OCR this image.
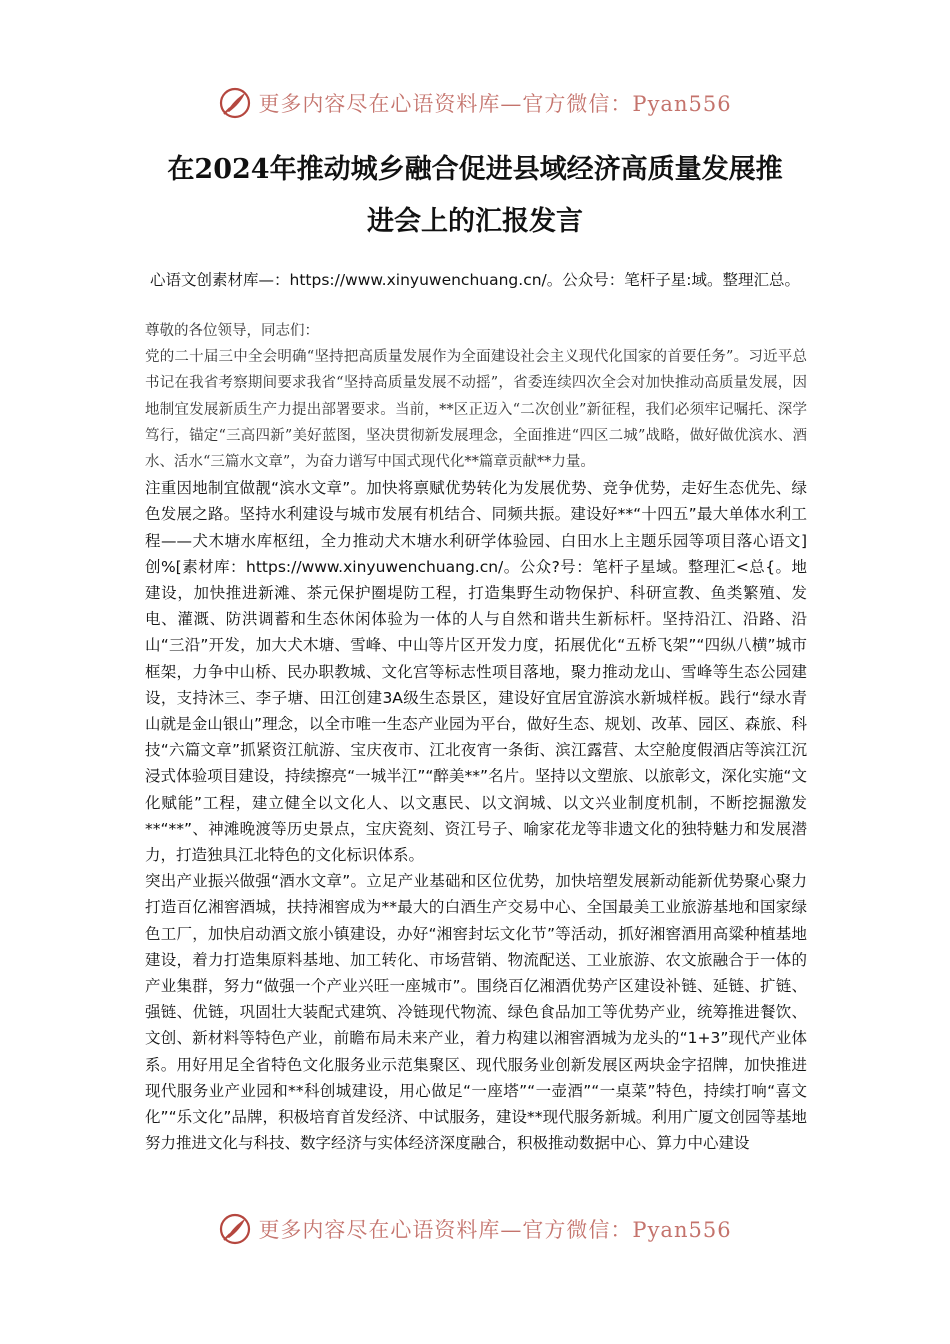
更多内容尽在心语资料库—官方微信：Pyan556
在2024年推动城乡融合促进县域经济高质量发展推
进会上的汇报发言

心语文创素材库—：https://www.xinyuwenchuang.cn/。公众号：笔杆子星:域。整理汇总。

尊敬的各位领导，同志们：

党的二十届三中全会明确“坚持把高质量发展作为全面建设社会主义现代化国家的首要任务”。习近平总书记在我省考察期间要求我省“坚持高质量发展不动摇”，省委连续四次全会对加快推动高质量发展，因地制宜发展新质生产力提出部署要求。当前，**区正迈入“二次创业”新征程，我们必须牢记嘱托、深学笃行，锚定“三高四新”美好蓝图，坚决贯彻新发展理念，全面推进“四区二城”战略，做好做优滨水、酒水、活水“三篇水文章”，为奋力谱写中国式现代化**篇章贡献**力量。

注重因地制宜做靓“滨水文章”。加快将禀赋优势转化为发展优势、竞争优势，走好生态优先、绿色发展之路。坚持水利建设与城市发展有机结合、同频共振。建设好**“十四五”最大单体水利工程——犬木塘水库枢纽，全力推动犬木塘水利研学体验园、白田水上主题乐园等项目落心语文]创%[素材库：https://www.xinyuwenchuang.cn/。公众?号：笔杆子星域。整理汇<总{。地建设，加快推进新滩、茶元保护圈堤防工程，打造集野生动物保护、科研宣教、鱼类繁殖、发电、灌溉、防洪调蓄和生态休闲体验为一体的人与自然和谐共生新标杆。坚持沿江、沿路、沿山“三沿”开发，加大犬木塘、雪峰、中山等片区开发力度，拓展优化“五桥飞架”“四纵八横”城市框架，力争中山桥、民办职教城、文化宫等标志性项目落地，聚力推动龙山、雪峰等生态公园建设，支持沐三、李子塘、田江创建3A级生态景区，建设好宜居宜游滨水新城样板。践行“绿水青山就是金山银山”理念，以全市唯一生态产业园为平台，做好生态、规划、改革、园区、森旅、科技“六篇文章”抓紧资江航游、宝庆夜市、江北夜宵一条街、滨江露营、太空舱度假酒店等滨江沉浸式体验项目建设，持续擦亮“一城半江”“醉美**”名片。坚持以文塑旅、以旅彰文，深化实施“文化赋能”工程，建立健全以文化人、以文惠民、以文润城、以文兴业制度机制，不断挖掘激发**“**”、神滩晚渡等历史景点，宝庆瓷刻、资江号子、喻家花龙等非遗文化的独特魅力和发展潜力，打造独具江北特色的文化标识体系。

突出产业振兴做强“酒水文章”。立足产业基础和区位优势，加快培塑发展新动能新优势聚心聚力打造百亿湘窖酒城，扶持湘窖成为**最大的白酒生产交易中心、全国最美工业旅游基地和国家绿色工厂，加快启动酒文旅小镇建设，办好“湘窖封坛文化节”等活动，抓好湘窖酒用高粱种植基地建设，着力打造集原料基地、加工转化、市场营销、物流配送、工业旅游、农文旅融合于一体的产业集群，努力“做强一个产业兴旺一座城市”。围绕百亿湘酒优势产区建设补链、延链、扩链、强链、优链，巩固壮大装配式建筑、冷链现代物流、绿色食品加工等优势产业，统筹推进餐饮、文创、新材料等特色产业，前瞻布局未来产业，着力构建以湘窖酒城为龙头的“1+3”现代产业体系。用好用足全省特色文化服务业示范集聚区、现代服务业创新发展区两块金字招牌，加快推进现代服务业产业园和**科创城建设，用心做足“一座塔”“一壶酒”“一桌菜”特色，持续打响“喜文化”“乐文化”品牌，积极培育首发经济、中试服务，建设**现代服务新城。利用广厦文创园等基地努力推进文化与科技、数字经济与实体经济深度融合，积极推动数据中心、算力中心建设

更多内容尽在心语资料库—官方微信：Pyan556
